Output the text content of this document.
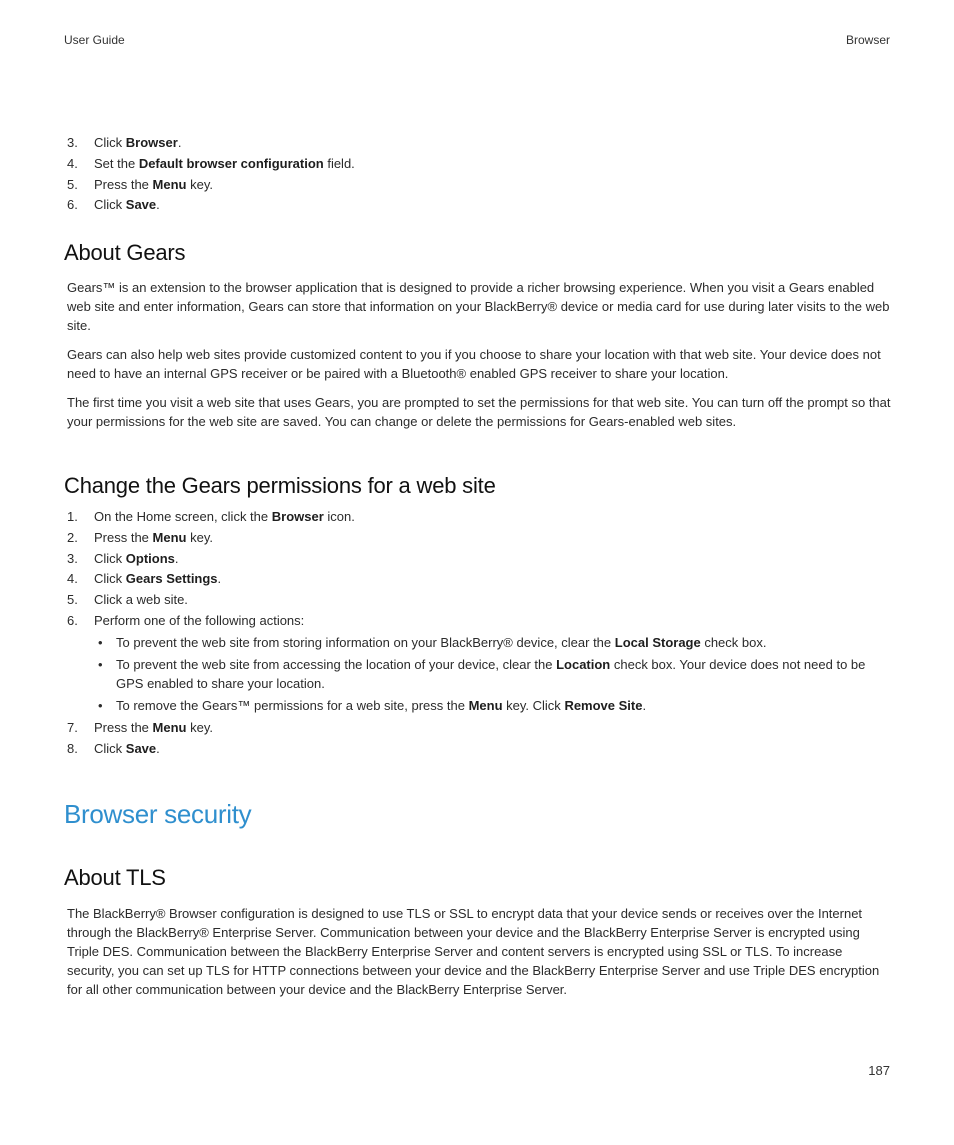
User Guide	Browser
3. Click Browser.
4. Set the Default browser configuration field.
5. Press the Menu key.
6. Click Save.
About Gears

Gears™ is an extension to the browser application that is designed to provide a richer browsing experience. When you visit a Gears enabled web site and enter information, Gears can store that information on your BlackBerry® device or media card for use during later visits to the web site.

Gears can also help web sites provide customized content to you if you choose to share your location with that web site. Your device does not need to have an internal GPS receiver or be paired with a Bluetooth® enabled GPS receiver to share your location.

The first time you visit a web site that uses Gears, you are prompted to set the permissions for that web site. You can turn off the prompt so that your permissions for the web site are saved. You can change or delete the permissions for Gears-enabled web sites.

Change the Gears permissions for a web site
1. On the Home screen, click the Browser icon.
2. Press the Menu key.
3. Click Options.
4. Click Gears Settings.
5. Click a web site.
6. Perform one of the following actions:
• To prevent the web site from storing information on your BlackBerry® device, clear the Local Storage check box.
• To prevent the web site from accessing the location of your device, clear the Location check box. Your device does not need to be GPS enabled to share your location.
• To remove the Gears™ permissions for a web site, press the Menu key. Click Remove Site.
7. Press the Menu key.
8. Click Save.
Browser security
About TLS

The BlackBerry® Browser configuration is designed to use TLS or SSL to encrypt data that your device sends or receives over the Internet through the BlackBerry® Enterprise Server. Communication between your device and the BlackBerry Enterprise Server is encrypted using Triple DES. Communication between the BlackBerry Enterprise Server and content servers is encrypted using SSL or TLS. To increase security, you can set up TLS for HTTP connections between your device and the BlackBerry Enterprise Server and use Triple DES encryption for all other communication between your device and the BlackBerry Enterprise Server.

187
